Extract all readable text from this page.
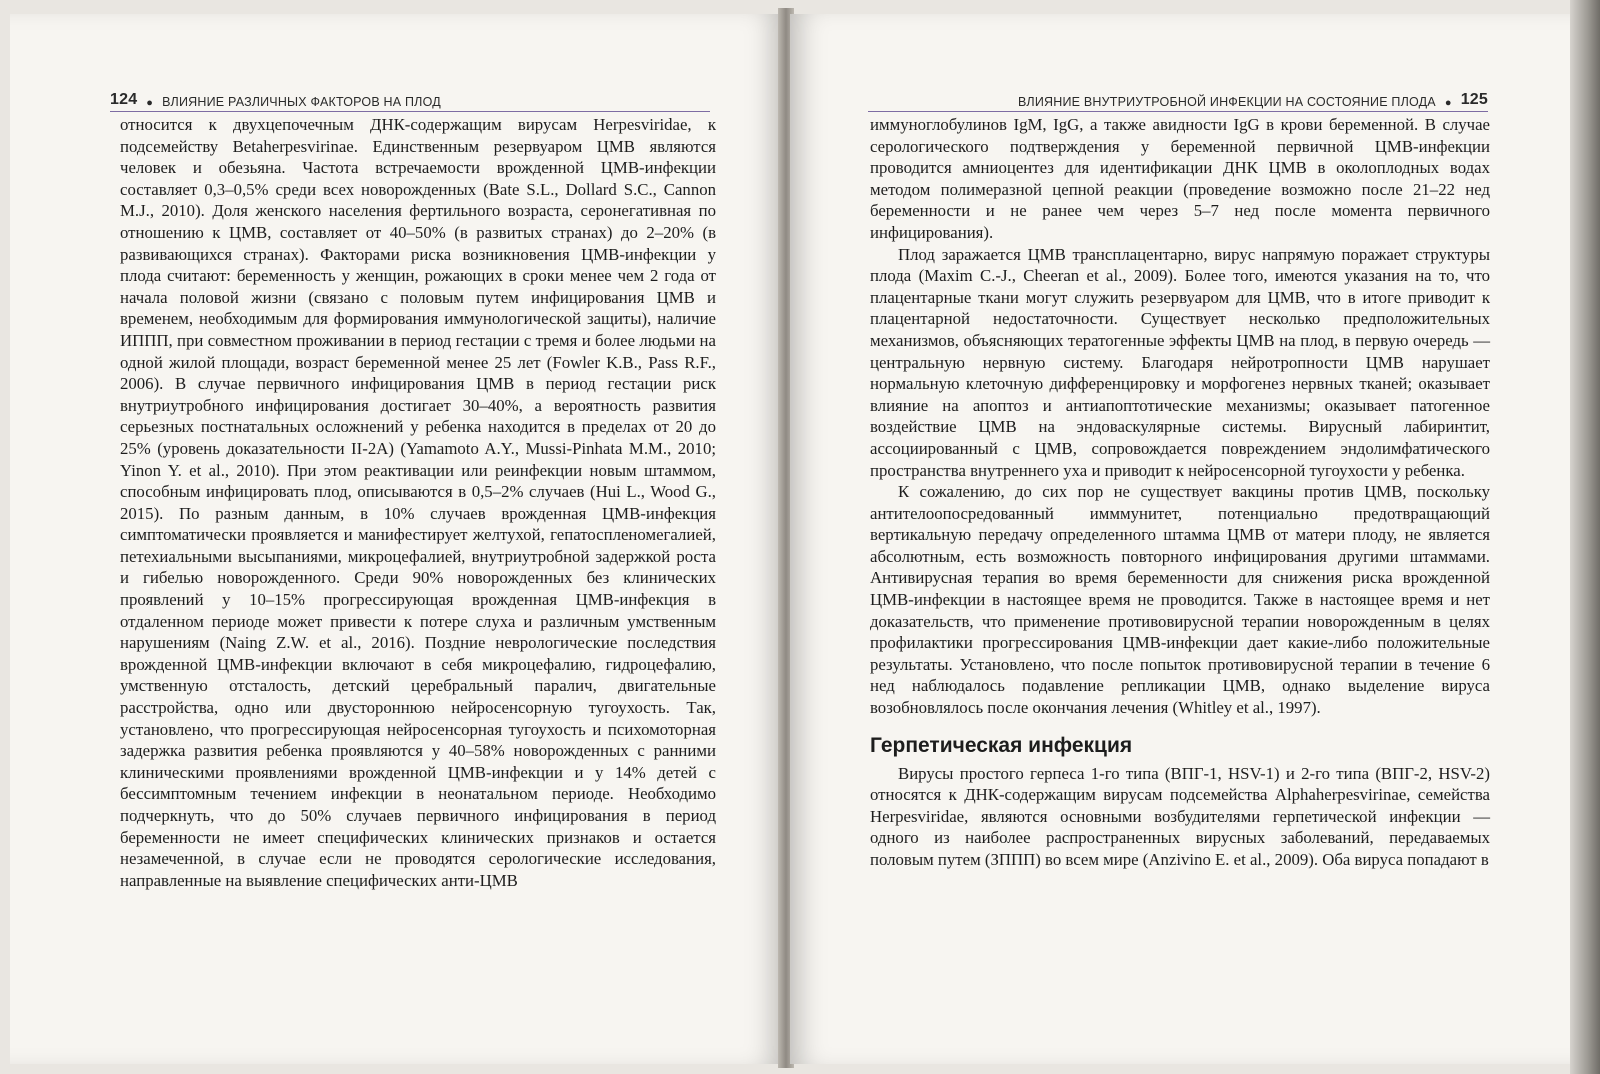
124 ● ВЛИЯНИЕ РАЗЛИЧНЫХ ФАКТОРОВ НА ПЛОД

относится к двухцепочечным ДНК-содержащим вирусам Herpesviridae, к подсемейству Betaherpesvirinae. Единственным резервуаром ЦМВ являются человек и обезьяна. Частота встречаемости врожденной ЦМВ-инфекции составляет 0,3–0,5% среди всех новорожденных (Bate S.L., Dollard S.C., Cannon M.J., 2010). Доля женского населения фертильного возраста, серонегативная по отношению к ЦМВ, составляет от 40–50% (в развитых странах) до 2–20% (в развивающихся странах). Факторами риска возникновения ЦМВ-инфекции у плода считают: беременность у женщин, рожающих в сроки менее чем 2 года от начала половой жизни (связано с половым путем инфицирования ЦМВ и временем, необходимым для формирования иммунологической защиты), наличие ИППП, при совместном проживании в период гестации с тремя и более людьми на одной жилой площади, возраст беременной менее 25 лет (Fowler K.B., Pass R.F., 2006). В случае первичного инфицирования ЦМВ в период гестации риск внутриутробного инфицирования достигает 30–40%, а вероятность развития серьезных постнатальных осложнений у ребенка находится в пределах от 20 до 25% (уровень доказательности II-2A) (Yamamoto A.Y., Mussi-Pinhata M.M., 2010; Yinon Y. et al., 2010). При этом реактивации или реинфекции новым штаммом, способным инфицировать плод, описываются в 0,5–2% случаев (Hui L., Wood G., 2015). По разным данным, в 10% случаев врожденная ЦМВ-инфекция симптоматически проявляется и манифестирует желтухой, гепатоспленомегалией, петехиальными высыпаниями, микроцефалией, внутриутробной задержкой роста и гибелью новорожденного. Среди 90% новорожденных без клинических проявлений у 10–15% прогрессирующая врожденная ЦМВ-инфекция в отдаленном периоде может привести к потере слуха и различным умственным нарушениям (Naing Z.W. et al., 2016). Поздние неврологические последствия врожденной ЦМВ-инфекции включают в себя микроцефалию, гидроцефалию, умственную отсталость, детский церебральный паралич, двигательные расстройства, одно или двустороннюю нейросенсорную тугоухость. Так, установлено, что прогрессирующая нейросенсорная тугоухость и психомоторная задержка развития ребенка проявляются у 40–58% новорожденных с ранними клиническими проявлениями врожденной ЦМВ-инфекции и у 14% детей с бессимптомным течением инфекции в неонатальном периоде. Необходимо подчеркнуть, что до 50% случаев первичного инфицирования в период беременности не имеет специфических клинических признаков и остается незамеченной, в случае если не проводятся серологические исследования, направленные на выявление специфических анти-ЦМВ

ВЛИЯНИЕ ВНУТРИУТРОБНОЙ ИНФЕКЦИИ НА СОСТОЯНИЕ ПЛОДА ● 125

иммуноглобулинов IgM, IgG, а также авидности IgG в крови беременной. В случае серологического подтверждения у беременной первичной ЦМВ-инфекции проводится амниоцентез для идентификации ДНК ЦМВ в околоплодных водах методом полимеразной цепной реакции (проведение возможно после 21–22 нед беременности и не ранее чем через 5–7 нед после момента первичного инфицирования).

Плод заражается ЦМВ трансплацентарно, вирус напрямую поражает структуры плода (Maxim C.-J., Cheeran et al., 2009). Более того, имеются указания на то, что плацентарные ткани могут служить резервуаром для ЦМВ, что в итоге приводит к плацентарной недостаточности. Существует несколько предположительных механизмов, объясняющих тератогенные эффекты ЦМВ на плод, в первую очередь — центральную нервную систему. Благодаря нейротропности ЦМВ нарушает нормальную клеточную дифференцировку и морфогенез нервных тканей; оказывает влияние на апоптоз и антиапоптотические механизмы; оказывает патогенное воздействие ЦМВ на эндоваскулярные системы. Вирусный лабиринтит, ассоциированный с ЦМВ, сопровождается повреждением эндолимфатического пространства внутреннего уха и приводит к нейросенсорной тугоухости у ребенка.

К сожалению, до сих пор не существует вакцины против ЦМВ, поскольку антителоопосредованный имммунитет, потенциально предотвращающий вертикальную передачу определенного штамма ЦМВ от матери плоду, не является абсолютным, есть возможность повторного инфицирования другими штаммами. Антивирусная терапия во время беременности для снижения риска врожденной ЦМВ-инфекции в настоящее время не проводится. Также в настоящее время и нет доказательств, что применение противовирусной терапии новорожденным в целях профилактики прогрессирования ЦМВ-инфекции дает какие-либо положительные результаты. Установлено, что после попыток противовирусной терапии в течение 6 нед наблюдалось подавление репликации ЦМВ, однако выделение вируса возобновлялось после окончания лечения (Whitley et al., 1997).

Герпетическая инфекция

Вирусы простого герпеса 1-го типа (ВПГ-1, HSV-1) и 2-го типа (ВПГ-2, HSV-2) относятся к ДНК-содержащим вирусам подсемейства Alphaherpesvirinae, семейства Herpesviridae, являются основными возбудителями герпетической инфекции — одного из наиболее распространенных вирусных заболеваний, передаваемых половым путем (ЗППП) во всем мире (Anzivino E. et al., 2009). Оба вируса попадают в
